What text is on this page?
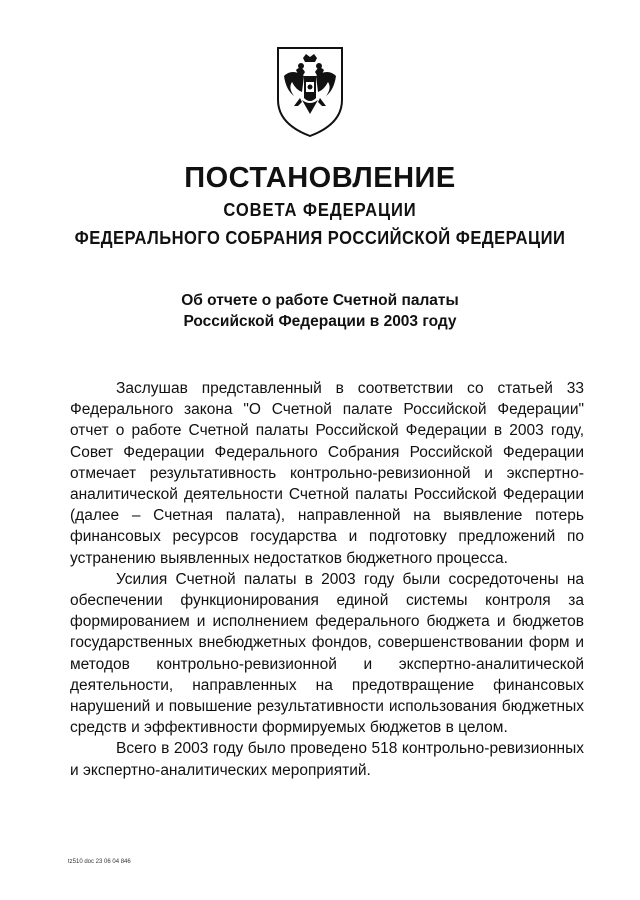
ПОСТАНОВЛЕНИЕ
СОВЕТА ФЕДЕРАЦИИ
ФЕДЕРАЛЬНОГО СОБРАНИЯ РОССИЙСКОЙ ФЕДЕРАЦИИ
Об отчете о работе Счетной палаты
Российской Федерации в 2003 году

Заслушав представленный в соответствии со статьей 33 Федерального закона "О Счетной палате Российской Федерации" отчет о работе Счетной палаты Российской Федерации в 2003 году, Совет Федерации Федерального Собрания Российской Федерации отмечает результативность контрольно-ревизионной и экспертно-аналитической деятельности Счетной палаты Российской Федерации (далее – Счетная палата), направленной на выявление потерь финансовых ресурсов государства и подготовку предложений по устранению выявленных недостатков бюджетного процесса.

Усилия Счетной палаты в 2003 году были сосредоточены на обеспечении функционирования единой системы контроля за формированием и исполнением федерального бюджета и бюджетов государственных внебюджетных фондов, совершенствовании форм и методов контрольно-ревизионной и экспертно-аналитической деятельности, направленных на предотвращение финансовых нарушений и повышение результативности использования бюджетных средств и эффективности формируемых бюджетов в целом.

Всего в 2003 году было проведено 518 контрольно-ревизионных и экспертно-аналитических мероприятий.

tz510 doc 23 06 04 846
